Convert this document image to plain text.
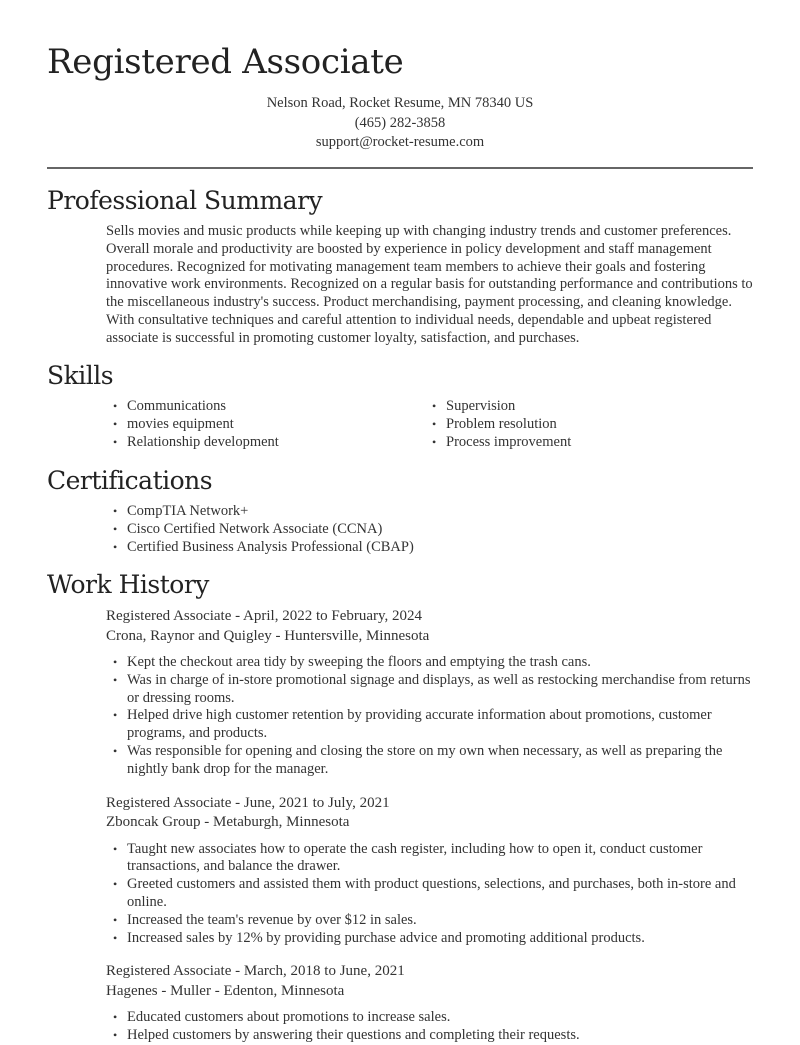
Registered Associate
Nelson Road, Rocket Resume, MN 78340 US
(465) 282-3858
support@rocket-resume.com
Professional Summary
Sells movies and music products while keeping up with changing industry trends and customer preferences. Overall morale and productivity are boosted by experience in policy development and staff management procedures. Recognized for motivating management team members to achieve their goals and fostering innovative work environments. Recognized on a regular basis for outstanding performance and contributions to the miscellaneous industry's success. Product merchandising, payment processing, and cleaning knowledge. With consultative techniques and careful attention to individual needs, dependable and upbeat registered associate is successful in promoting customer loyalty, satisfaction, and purchases.
Skills
• Communications
• movies equipment
• Relationship development
• Supervision
• Problem resolution
• Process improvement
Certifications
• CompTIA Network+
• Cisco Certified Network Associate (CCNA)
• Certified Business Analysis Professional (CBAP)
Work History
Registered Associate - April, 2022 to February, 2024
Crona, Raynor and Quigley - Huntersville, Minnesota
• Kept the checkout area tidy by sweeping the floors and emptying the trash cans.
• Was in charge of in-store promotional signage and displays, as well as restocking merchandise from returns or dressing rooms.
• Helped drive high customer retention by providing accurate information about promotions, customer programs, and products.
• Was responsible for opening and closing the store on my own when necessary, as well as preparing the nightly bank drop for the manager.
Registered Associate - June, 2021 to July, 2021
Zboncak Group - Metaburgh, Minnesota
• Taught new associates how to operate the cash register, including how to open it, conduct customer transactions, and balance the drawer.
• Greeted customers and assisted them with product questions, selections, and purchases, both in-store and online.
• Increased the team's revenue by over $12 in sales.
• Increased sales by 12% by providing purchase advice and promoting additional products.
Registered Associate - March, 2018 to June, 2021
Hagenes - Muller - Edenton, Minnesota
• Educated customers about promotions to increase sales.
• Helped customers by answering their questions and completing their requests.
